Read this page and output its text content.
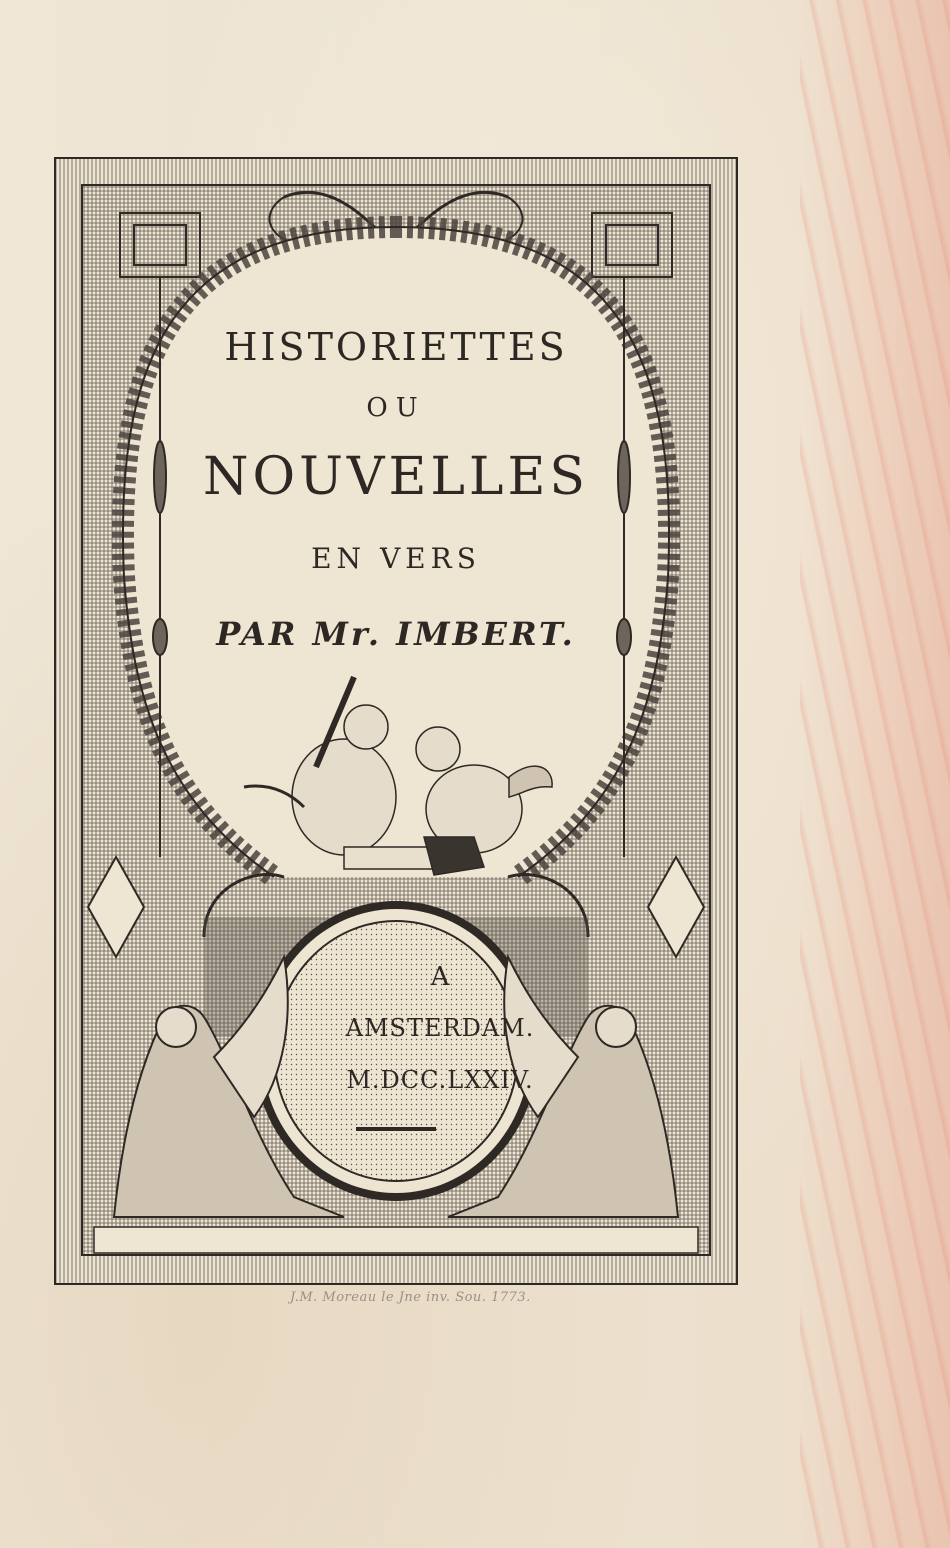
HISTORIETTES
OU
NOUVELLES
EN VERS
PAR Mr. IMBERT.
A
AMSTERDAM.
M.DCC.LXXIV.
J.M. Moreau le Jne inv. Sou. 1773.
